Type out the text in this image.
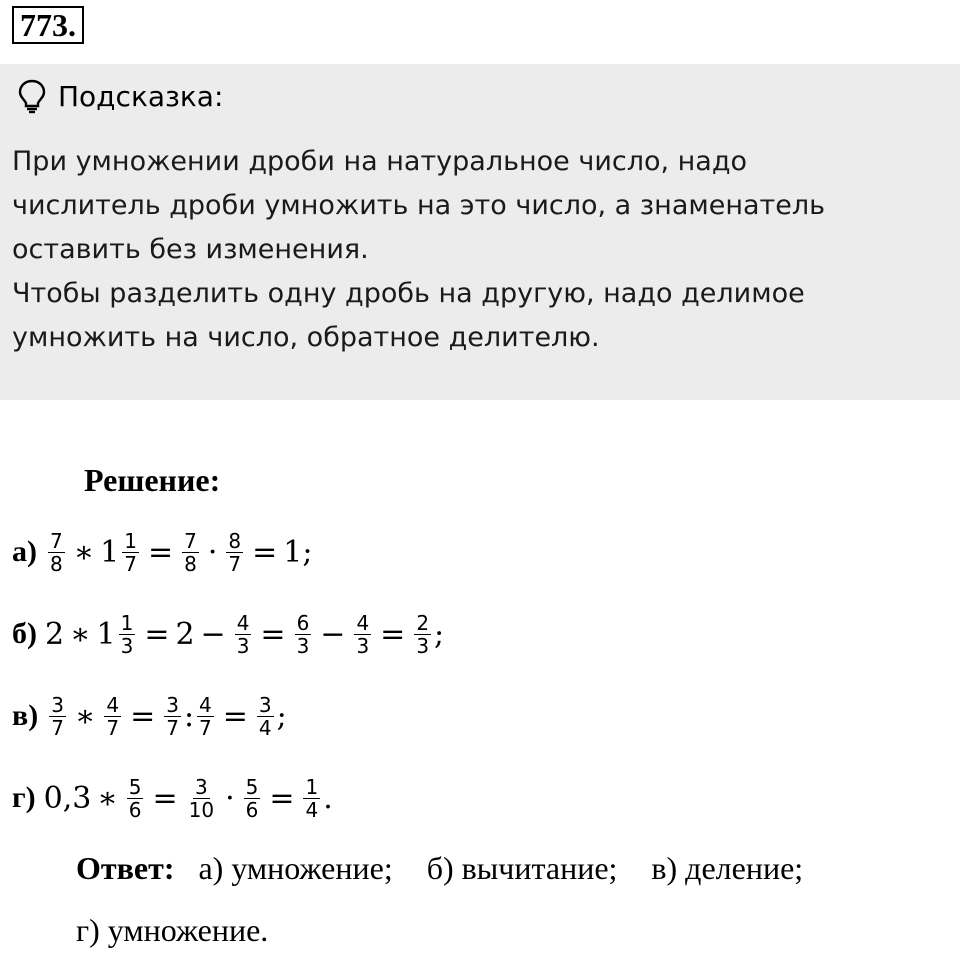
773.
Подсказка:
При умножении дроби на натуральное число, надо
числитель дроби умножить на это число, а знаменатель
оставить без изменения.
Чтобы разделить одну дробь на другую, надо делимое
умножить на число, обратное делителю.
Решение:
$а) \frac{7}{8}$ ∗ $1 \frac{1}{7} = \frac{7}{8} \cdot \frac{8}{7} = 1$;
б) 2 ∗ $1 \frac{1}{3} = 2 - \frac{4}{3} = \frac{6}{3} - \frac{4}{3} = \frac{2}{3}$ ;
$в) \frac{3}{7}$ ∗ $\frac{4}{7} = \frac{3}{7}$ : $\frac{4}{7} = \frac{3}{4}$ ;
г) 0,3 ∗ $\frac{5}{6} = \frac{3}{10} \cdot \frac{5}{6} = \frac{1}{4}$ .
Ответ: а) умножение; б) вычитание; в) деление;
г) умножение.
